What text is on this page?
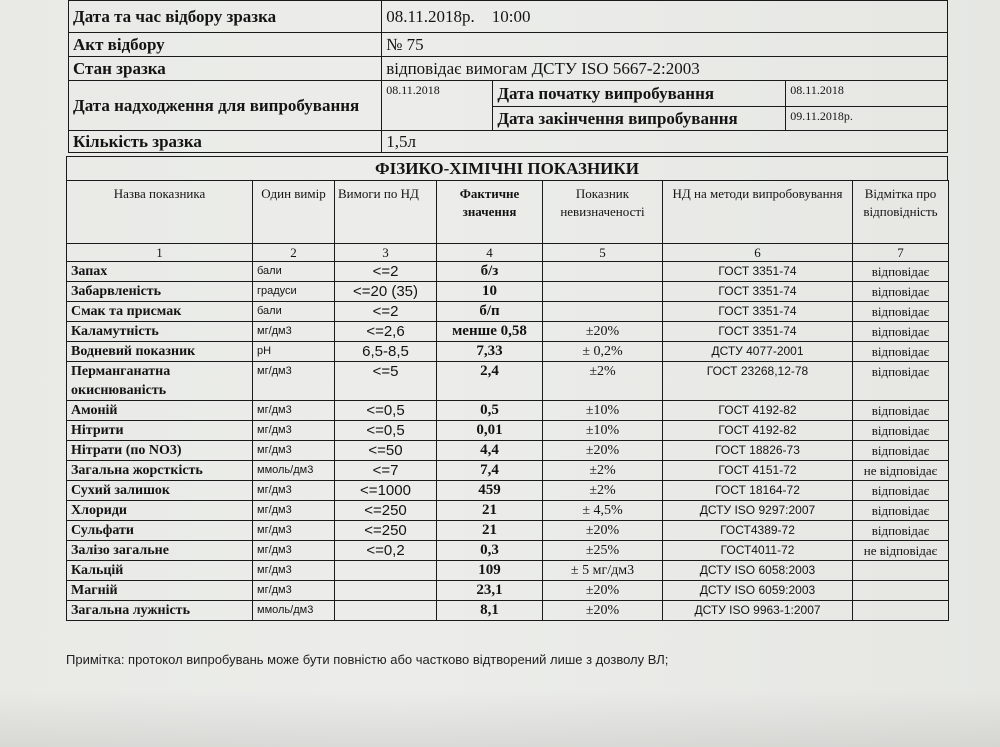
Дата та час відбору зразка	08.11.2018р.    10:00		
Акт відбору	№ 75		
Стан зразка	відповідає вимогам ДСТУ ISO 5667-2:2003		
Дата надходження для випробування	08.11.2018	Дата початку випробування	08.11.2018
		Дата закінчення випробування	09.11.2018р.
Кількість зразка	1,5л		
ФІЗИКО-ХІМІЧНІ ПОКАЗНИКИ
Назва показника	Один вимір	Вимоги по НД	Фактичне значення	Показник невизначеності	НД на методи випробовування	Відмітка про відповідність
1	2	3	4	5	6	7
Запах	бали	<=2	б/з		ГОСТ 3351-74	відповідає
Забарвленість	градуси	<=20 (35)	10		ГОСТ 3351-74	відповідає
Смак та присмак	бали	<=2	б/п		ГОСТ 3351-74	відповідає
Каламутність	мг/дм3	<=2,6	менше 0,58	±20%	ГОСТ 3351-74	відповідає
Водневий показник	pH	6,5-8,5	7,33	± 0,2%	ДСТУ 4077-2001	відповідає
Перманганатна окиснюваність	мг/дм3	<=5	2,4	±2%	ГОСТ 23268,12-78	відповідає
Амоній	мг/дм3	<=0,5	0,5	±10%	ГОСТ 4192-82	відповідає
Нітрити	мг/дм3	<=0,5	0,01	±10%	ГОСТ 4192-82	відповідає
Нітрати (по NO3)	мг/дм3	<=50	4,4	±20%	ГОСТ 18826-73	відповідає
Загальна жорсткість	ммоль/дм3	<=7	7,4	±2%	ГОСТ 4151-72	не відповідає
Сухий залишок	мг/дм3	<=1000	459	±2%	ГОСТ 18164-72	відповідає
Хлориди	мг/дм3	<=250	21	± 4,5%	ДСТУ ISO 9297:2007	відповідає
Сульфати	мг/дм3	<=250	21	±20%	ГОСТ4389-72	відповідає
Залізо загальне	мг/дм3	<=0,2	0,3	±25%	ГОСТ4011-72	не відповідає
Кальцій	мг/дм3		109	± 5 мг/дм3	ДСТУ ISO 6058:2003	
Магній	мг/дм3		23,1	±20%	ДСТУ ISO 6059:2003	
Загальна лужність	ммоль/дм3		8,1	±20%	ДСТУ ISO 9963-1:2007	
Примітка: протокол випробувань може бути повністю або частково відтворений лише з дозволу ВЛ;
